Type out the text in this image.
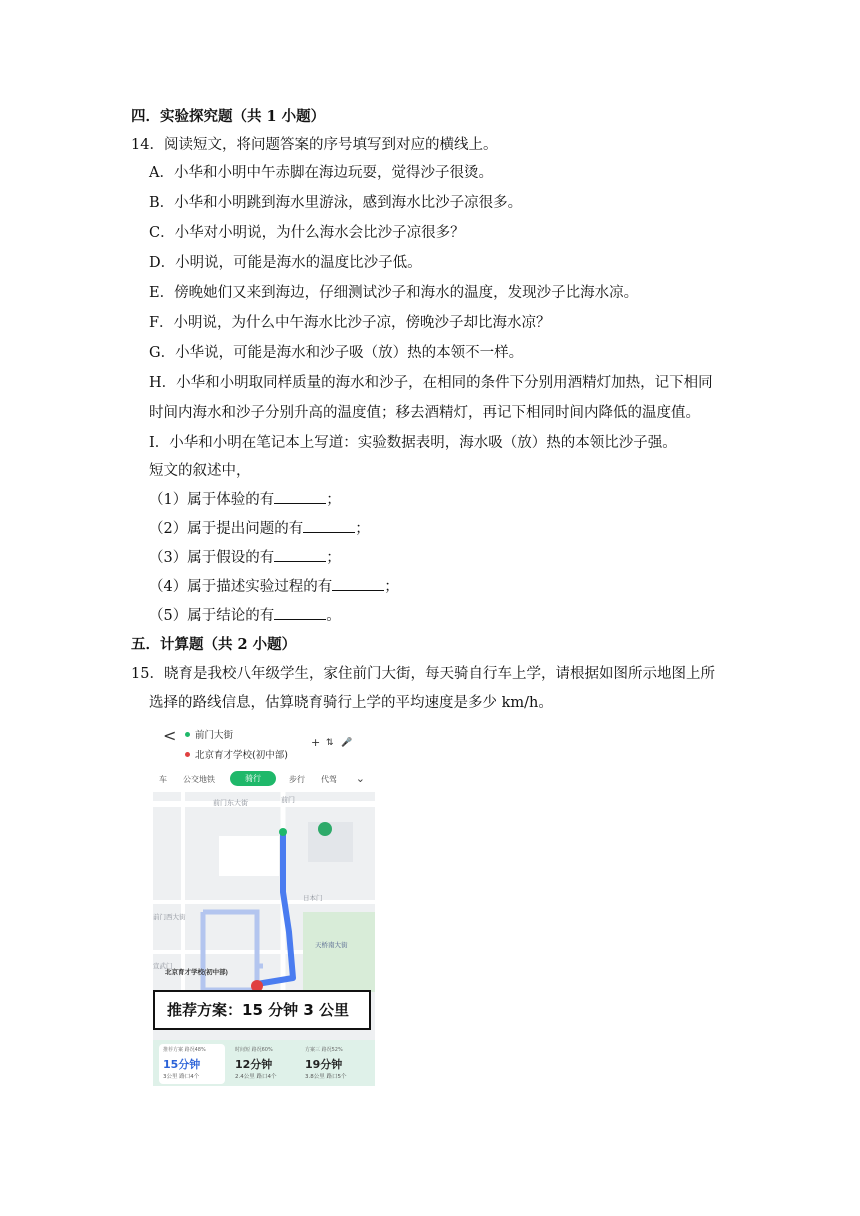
四．实验探究题（共 1 小题）
14．阅读短文，将问题答案的序号填写到对应的横线上。
A．小华和小明中午赤脚在海边玩耍，觉得沙子很烫。
B．小华和小明跳到海水里游泳，感到海水比沙子凉很多。
C．小华对小明说，为什么海水会比沙子凉很多？
D．小明说，可能是海水的温度比沙子低。
E．傍晚她们又来到海边，仔细测试沙子和海水的温度，发现沙子比海水凉。
F．小明说，为什么中午海水比沙子凉，傍晚沙子却比海水凉？
G．小华说，可能是海水和沙子吸（放）热的本领不一样。
H．小华和小明取同样质量的海水和沙子，在相同的条件下分别用酒精灯加热，记下相同
时间内海水和沙子分别升高的温度值；移去酒精灯，再记下相同时间内降低的温度值。
I．小华和小明在笔记本上写道：实验数据表明，海水吸（放）热的本领比沙子强。
短文的叙述中，
（1）属于体验的有	；
（2）属于提出问题的有	；
（3）属于假设的有	；
（4）属于描述实验过程的有	；
（5）属于结论的有	。
五．计算题（共 2 小题）
15．晓育是我校八年级学生，家住前门大街，每天骑自行车上学，请根据如图所示地图上所
选择的路线信息，估算晓育骑行上学的平均速度是多少 km/h。
< 前门大街
北京育才学校(初中部)
+ ⇅ 🎤
车 公交地铁	骑行	步行 代驾 ⌄
前门东大街	前门
前门西大街
宣武门
日本门
天桥南大街
北京育才学校(初中部)
推荐方案：15 分钟 3 公里
推荐方案 路况48%
15分钟
3公里 路口4个
时间短 路况60%
12分钟
2.4公里 路口4个
方案三 路况52%
19分钟
3.8公里 路口5个
